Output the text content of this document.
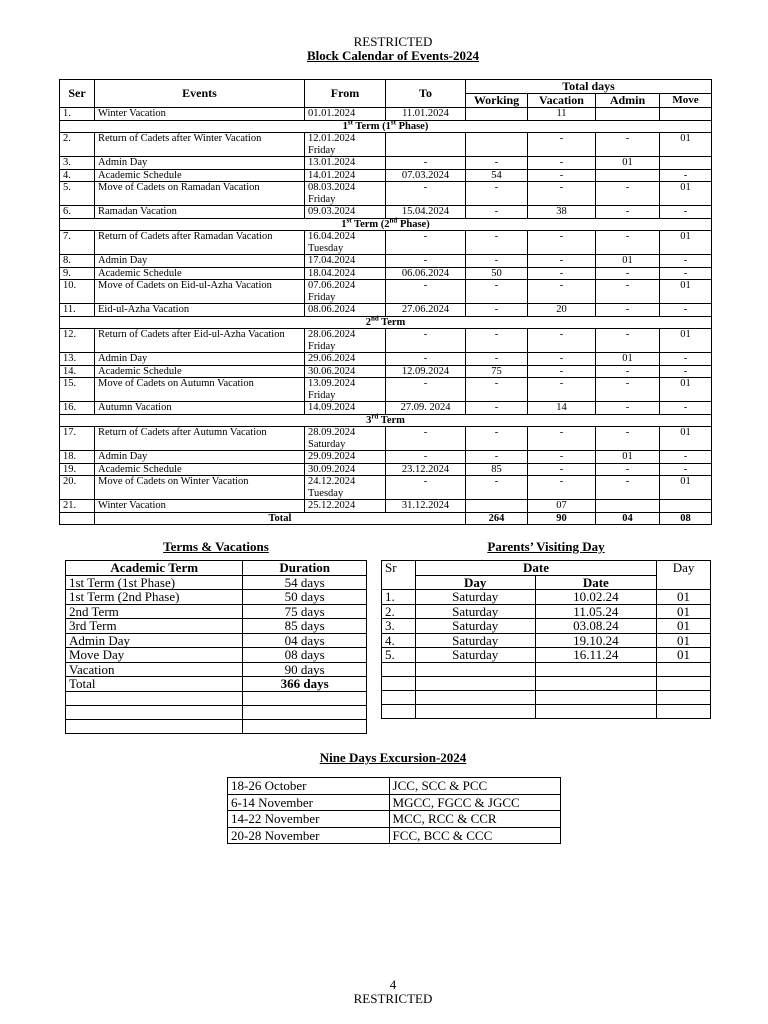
RESTRICTED
Block Calendar of Events-2024
Ser	Events	From	To	Total days			
				Working	Vacation	Admin	Move
1.	Winter Vacation	01.01.2024	11.01.2024		11		
1st Term (1st Phase)							
2.	Return of Cadets after Winter Vacation	12.01.2024 Friday			-	-	01
3.	Admin Day	13.01.2024	-	-	-	01	
4.	Academic Schedule	14.01.2024	07.03.2024	54	-		-
5.	Move of Cadets on Ramadan Vacation	08.03.2024 Friday	-	-	-	-	01
6.	Ramadan Vacation	09.03.2024	15.04.2024	-	38	-	-
1st Term (2nd Phase)							
7.	Return of Cadets after Ramadan Vacation	16.04.2024 Tuesday	-	-	-	-	01
8.	Admin Day	17.04.2024	-	-	-	01	-
9.	Academic Schedule	18.04.2024	06.06.2024	50	-	-	-
10.	Move of Cadets on Eid-ul-Azha Vacation	07.06.2024 Friday	-	-	-	-	01
11.	Eid-ul-Azha Vacation	08.06.2024	27.06.2024	-	20	-	-
2nd Term							
12.	Return of Cadets after Eid-ul-Azha Vacation	28.06.2024 Friday	-	-	-	-	01
13.	Admin Day	29.06.2024	-	-	-	01	-
14.	Academic Schedule	30.06.2024	12.09.2024	75	-	-	-
15.	Move of Cadets on Autumn Vacation	13.09.2024 Friday	-	-	-	-	01
16.	Autumn Vacation	14.09.2024	27.09. 2024	-	14	-	-
3rd Term							
17.	Return of Cadets after Autumn Vacation	28.09.2024 Saturday	-	-	-	-	01
18.	Admin Day	29.09.2024	-	-	-	01	-
19.	Academic Schedule	30.09.2024	23.12.2024	85	-	-	-
20.	Move of Cadets on Winter Vacation	24.12.2024 Tuesday	-	-	-	-	01
21.	Winter Vacation	25.12.2024	31.12.2024		07		
	Total			264	90	04	08
Terms & Vacations	Parents’ Visiting Day
Academic Term	Duration
1st Term (1st Phase)	54 days
1st Term (2nd Phase)	50 days
2nd Term	75 days
3rd Term	85 days
Admin Day	04 days
Move Day	08 days
Vacation	90 days
Total	366 days

Sr	Date		Day
	Day	Date	
1.	Saturday	10.02.24	01
2.	Saturday	11.05.24	01
3.	Saturday	03.08.24	01
4.	Saturday	19.10.24	01
5.	Saturday	16.11.24	01

Nine Days Excursion-2024
18-26 October	JCC, SCC & PCC
6-14 November	MGCC, FGCC & JGCC
14-22 November	MCC, RCC & CCR
20-28 November	FCC, BCC & CCC
4
RESTRICTED
